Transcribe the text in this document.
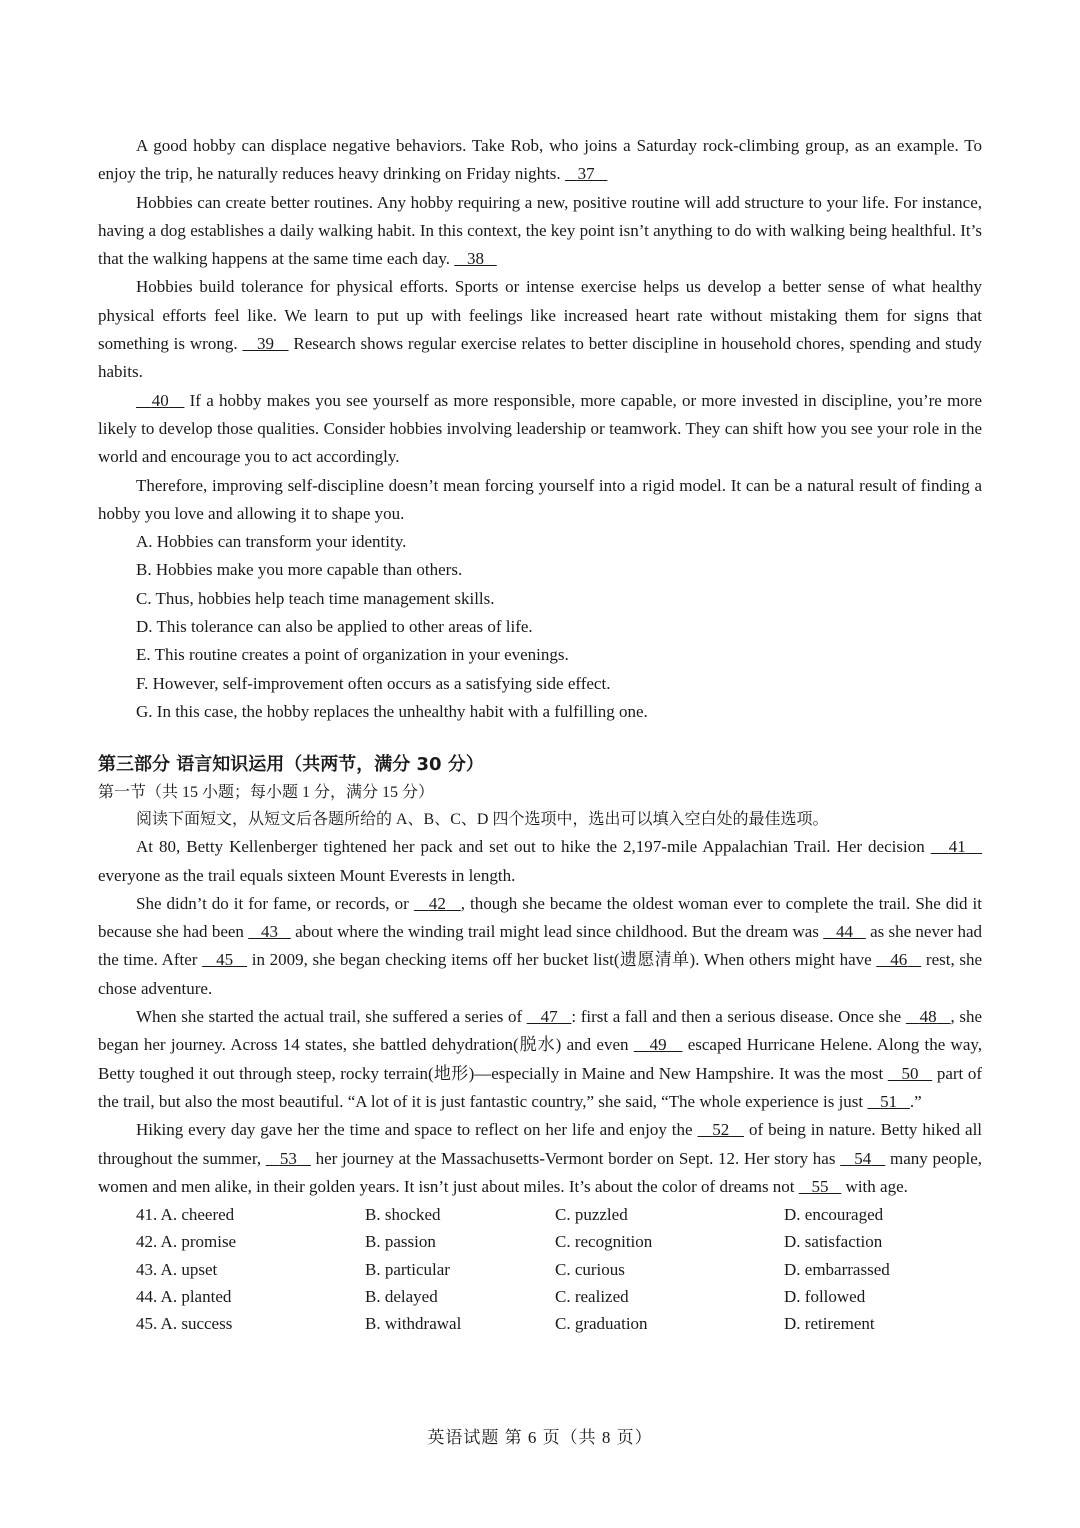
A good hobby can displace negative behaviors. Take Rob, who joins a Saturday rock-climbing group, as an example. To enjoy the trip, he naturally reduces heavy drinking on Friday nights.    37

Hobbies can create better routines. Any hobby requiring a new, positive routine will add structure to your life. For instance, having a dog establishes a daily walking habit. In this context, the key point isn’t anything to do with walking being healthful. It’s that the walking happens at the same time each day.    38

Hobbies build tolerance for physical efforts. Sports or intense exercise helps us develop a better sense of what healthy physical efforts feel like. We learn to put up with feelings like increased heart rate without mistaking them for signs that something is wrong.    39    Research shows regular exercise relates to better discipline in household chores, spending and study habits.

40    If a hobby makes you see yourself as more responsible, more capable, or more invested in discipline, you’re more likely to develop those qualities. Consider hobbies involving leadership or teamwork. They can shift how you see your role in the world and encourage you to act accordingly.

Therefore, improving self-discipline doesn’t mean forcing yourself into a rigid model. It can be a natural result of finding a hobby you love and allowing it to shape you.

A. Hobbies can transform your identity.

B. Hobbies make you more capable than others.

C. Thus, hobbies help teach time management skills.

D. This tolerance can also be applied to other areas of life.

E. This routine creates a point of organization in your evenings.

F. However, self-improvement often occurs as a satisfying side effect.

G. In this case, the hobby replaces the unhealthy habit with a fulfilling one.

第三部分 语言知识运用（共两节，满分 30 分）
第一节（共 15 小题；每小题 1 分，满分 15 分）

阅读下面短文，从短文后各题所给的 A、B、C、D 四个选项中，选出可以填入空白处的最佳选项。

At 80, Betty Kellenberger tightened her pack and set out to hike the 2,197-mile Appalachian Trail. Her decision    41    everyone as the trail equals sixteen Mount Everests in length.

She didn’t do it for fame, or records, or    42 , though she became the oldest woman ever to complete the trail. She did it because she had been    43    about where the winding trail might lead since childhood. But the dream was    44    as she never had the time. After    45    in 2009, she began checking items off her bucket list(遗愿清单). When others might have    46    rest, she chose adventure.

When she started the actual trail, she suffered a series of    47 : first a fall and then a serious disease. Once she    48 , she began her journey. Across 14 states, she battled dehydration(脱水) and even    49    escaped Hurricane Helene. Along the way, Betty toughed it out through steep, rocky terrain(地形)—especially in Maine and New Hampshire. It was the most    50    part of the trail, but also the most beautiful. “A lot of it is just fantastic country,” she said, “The whole experience is just    51 .”

Hiking every day gave her the time and space to reflect on her life and enjoy the    52    of being in nature. Betty hiked all throughout the summer,    53    her journey at the Massachusetts-Vermont border on Sept. 12. Her story has    54    many people, women and men alike, in their golden years. It isn’t just about miles. It’s about the color of dreams not    55    with age.

41. A. cheered	B. shocked	C. puzzled	D. encouraged
42. A. promise	B. passion	C. recognition	D. satisfaction
43. A. upset	B. particular	C. curious	D. embarrassed
44. A. planted	B. delayed	C. realized	D. followed
45. A. success	B. withdrawal	C. graduation	D. retirement
英语试题 第 6 页（共 8 页）
